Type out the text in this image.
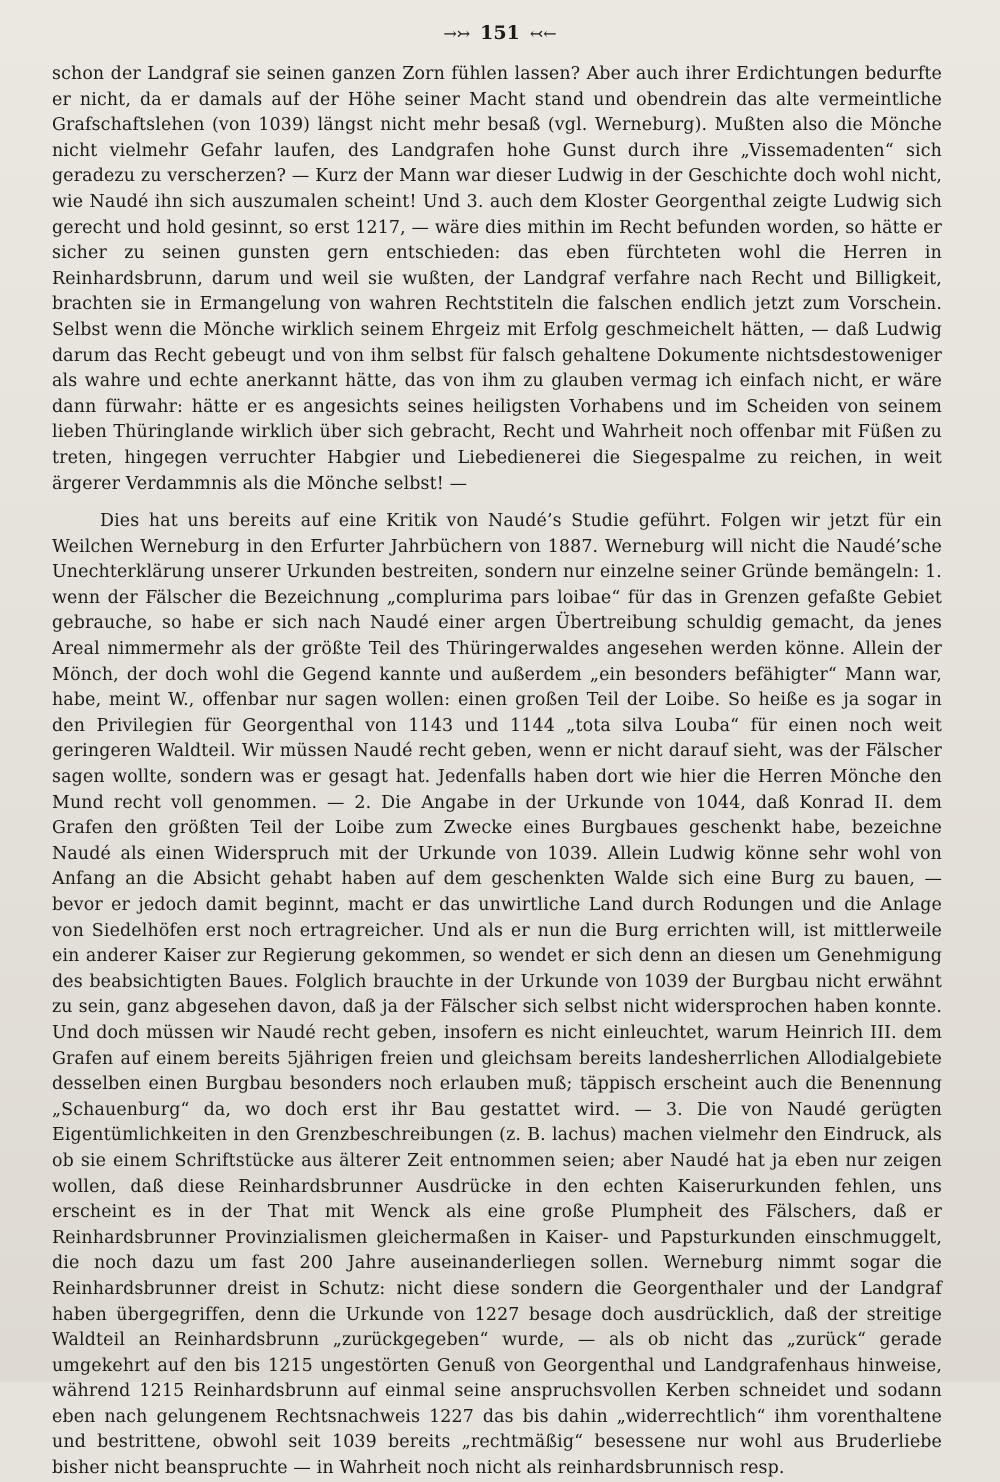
→↣ 151 ↢←

schon der Landgraf sie seinen ganzen Zorn fühlen lassen? Aber auch ihrer Erdichtungen bedurfte er nicht, da er damals auf der Höhe seiner Macht stand und obendrein das alte vermeintliche Grafschaftslehen (von 1039) längst nicht mehr besaß (vgl. Werneburg). Mußten also die Mönche nicht vielmehr Gefahr laufen, des Landgrafen hohe Gunst durch ihre „Vissemadenten“ sich geradezu zu verscherzen? — Kurz der Mann war dieser Ludwig in der Geschichte doch wohl nicht, wie Naudé ihn sich auszumalen scheint! Und 3. auch dem Kloster Georgenthal zeigte Ludwig sich gerecht und hold gesinnt, so erst 1217, — wäre dies mithin im Recht befunden worden, so hätte er sicher zu seinen gunsten gern entschieden: das eben fürchteten wohl die Herren in Reinhardsbrunn, darum und weil sie wußten, der Landgraf verfahre nach Recht und Billigkeit, brachten sie in Ermangelung von wahren Rechtstiteln die falschen endlich jetzt zum Vorschein. Selbst wenn die Mönche wirklich seinem Ehrgeiz mit Erfolg geschmeichelt hätten, — daß Ludwig darum das Recht gebeugt und von ihm selbst für falsch gehaltene Dokumente nichtsdestoweniger als wahre und echte anerkannt hätte, das von ihm zu glauben vermag ich einfach nicht, er wäre dann fürwahr: hätte er es angesichts seines heiligsten Vorhabens und im Scheiden von seinem lieben Thüringlande wirklich über sich gebracht, Recht und Wahrheit noch offenbar mit Füßen zu treten, hingegen verruchter Habgier und Liebedienerei die Siegespalme zu reichen, in weit ärgerer Verdammnis als die Mönche selbst! —

Dies hat uns bereits auf eine Kritik von Naudé’s Studie geführt. Folgen wir jetzt für ein Weilchen Werneburg in den Erfurter Jahrbüchern von 1887. Werneburg will nicht die Naudé’sche Unechterklärung unserer Urkunden bestreiten, sondern nur einzelne seiner Gründe bemängeln: 1. wenn der Fälscher die Bezeichnung „complurima pars loibae“ für das in Grenzen gefaßte Gebiet gebrauche, so habe er sich nach Naudé einer argen Übertreibung schuldig gemacht, da jenes Areal nimmermehr als der größte Teil des Thüringerwaldes angesehen werden könne. Allein der Mönch, der doch wohl die Gegend kannte und außerdem „ein besonders befähigter“ Mann war, habe, meint W., offenbar nur sagen wollen: einen großen Teil der Loibe. So heiße es ja sogar in den Privilegien für Georgenthal von 1143 und 1144 „tota silva Louba“ für einen noch weit geringeren Waldteil. Wir müssen Naudé recht geben, wenn er nicht darauf sieht, was der Fälscher sagen wollte, sondern was er gesagt hat. Jedenfalls haben dort wie hier die Herren Mönche den Mund recht voll genommen. — 2. Die Angabe in der Urkunde von 1044, daß Konrad II. dem Grafen den größten Teil der Loibe zum Zwecke eines Burgbaues geschenkt habe, bezeichne Naudé als einen Widerspruch mit der Urkunde von 1039. Allein Ludwig könne sehr wohl von Anfang an die Absicht gehabt haben auf dem geschenkten Walde sich eine Burg zu bauen, — bevor er jedoch damit beginnt, macht er das unwirtliche Land durch Rodungen und die Anlage von Siedelhöfen erst noch ertragreicher. Und als er nun die Burg errichten will, ist mittlerweile ein anderer Kaiser zur Regierung gekommen, so wendet er sich denn an diesen um Genehmigung des beabsichtigten Baues. Folglich brauchte in der Urkunde von 1039 der Burgbau nicht erwähnt zu sein, ganz abgesehen davon, daß ja der Fälscher sich selbst nicht widersprochen haben konnte. Und doch müssen wir Naudé recht geben, insofern es nicht einleuchtet, warum Heinrich III. dem Grafen auf einem bereits 5jährigen freien und gleichsam bereits landesherrlichen Allodialgebiete desselben einen Burgbau besonders noch erlauben muß; täppisch erscheint auch die Benennung „Schauenburg“ da, wo doch erst ihr Bau gestattet wird. — 3. Die von Naudé gerügten Eigentümlichkeiten in den Grenzbeschreibungen (z. B. lachus) machen vielmehr den Eindruck, als ob sie einem Schriftstücke aus älterer Zeit entnommen seien; aber Naudé hat ja eben nur zeigen wollen, daß diese Reinhardsbrunner Ausdrücke in den echten Kaiserurkunden fehlen, uns erscheint es in der That mit Wenck als eine große Plumpheit des Fälschers, daß er Reinhardsbrunner Provinzialismen gleichermaßen in Kaiser- und Papsturkunden einschmuggelt, die noch dazu um fast 200 Jahre auseinanderliegen sollen. Werneburg nimmt sogar die Reinhardsbrunner dreist in Schutz: nicht diese sondern die Georgenthaler und der Landgraf haben übergegriffen, denn die Urkunde von 1227 besage doch ausdrücklich, daß der streitige Waldteil an Reinhardsbrunn „zurückgegeben“ wurde, — als ob nicht das „zurück“ gerade umgekehrt auf den bis 1215 ungestörten Genuß von Georgenthal und Landgrafenhaus hinweise, während 1215 Reinhardsbrunn auf einmal seine anspruchsvollen Kerben schneidet und sodann eben nach gelungenem Rechtsnachweis 1227 das bis dahin „widerrechtlich“ ihm vorenthaltene und bestrittene, obwohl seit 1039 bereits „rechtmäßig“ besessene nur wohl aus Bruderliebe bisher nicht beanspruchte — in Wahrheit noch nicht als reinhardsbrunnisch resp.
